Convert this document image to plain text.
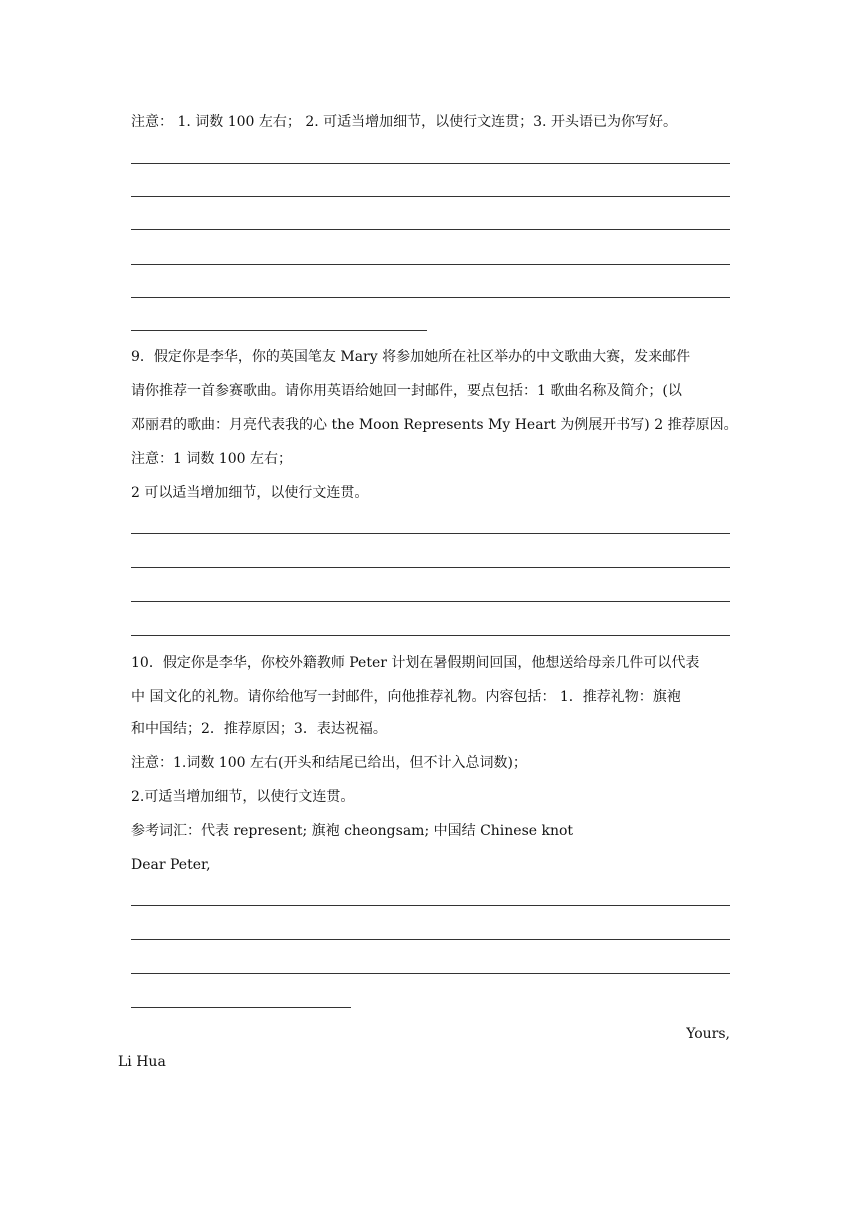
注意： 1. 词数 100 左右； 2. 可适当增加细节，以使行文连贯；3. 开头语已为你写好。
9．假定你是李华，你的英国笔友 Mary 将参加她所在社区举办的中文歌曲大赛，发来邮件
请你推荐一首参赛歌曲。请你用英语给她回一封邮件，要点包括：1 歌曲名称及简介；(以
邓丽君的歌曲：月亮代表我的心 the Moon Represents My Heart 为例展开书写) 2 推荐原因。
注意：1 词数 100 左右；
2 可以适当增加细节，以使行文连贯。
10．假定你是李华，你校外籍教师 Peter 计划在暑假期间回国，他想送给母亲几件可以代表
中 国文化的礼物。请你给他写一封邮件，向他推荐礼物。内容包括： 1．推荐礼物：旗袍
和中国结；2．推荐原因；3．表达祝福。
注意：1.词数 100 左右(开头和结尾已给出，但不计入总词数)；
2.可适当增加细节，以使行文连贯。
参考词汇：代表 represent; 旗袍 cheongsam; 中国结 Chinese knot
Dear Peter,
Yours,
Li Hua
